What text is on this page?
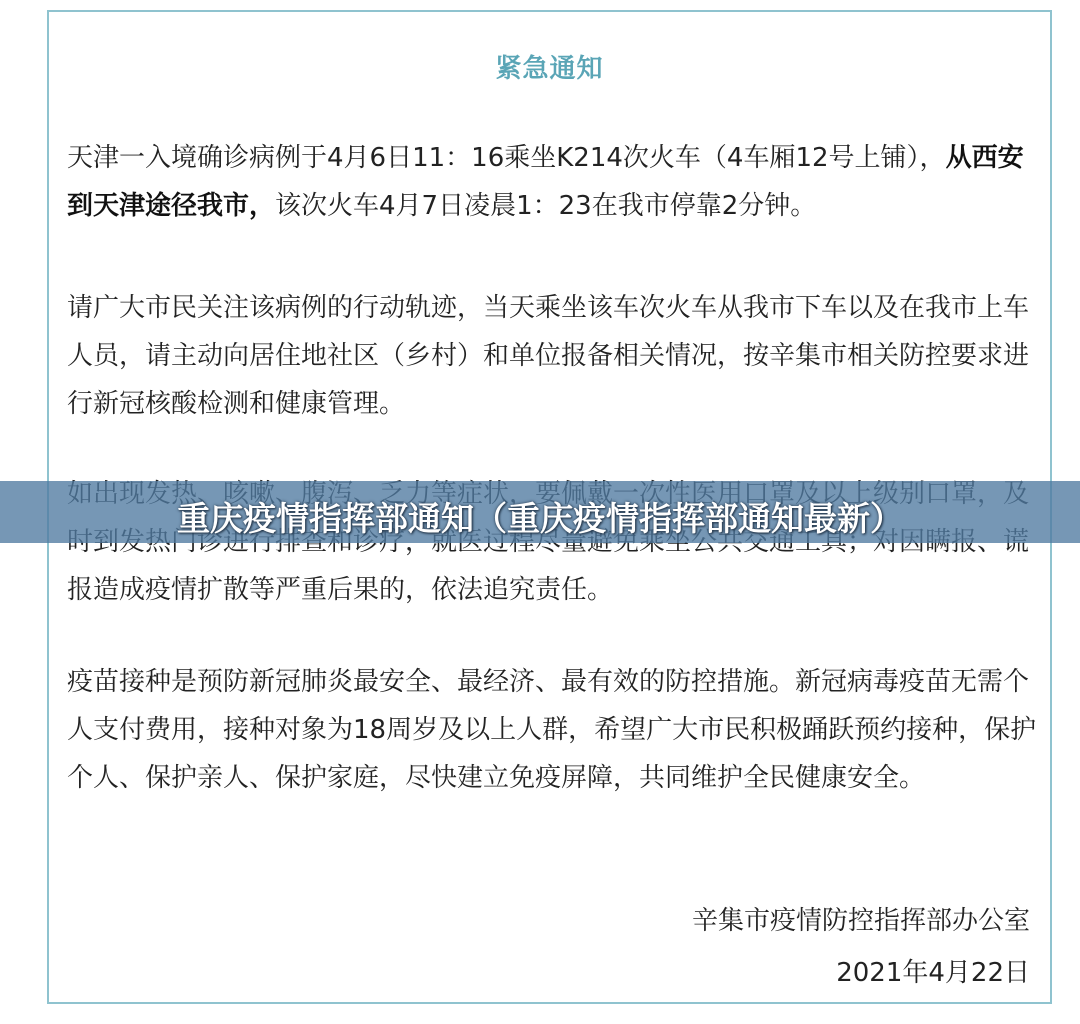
紧急通知

天津一入境确诊病例于4月6日11：16乘坐K214次火车（4车厢12号上铺），从西安到天津途径我市，该次火车4月7日凌晨1：23在我市停靠2分钟。

请广大市民关注该病例的行动轨迹，当天乘坐该车次火车从我市下车以及在我市上车人员，请主动向居住地社区（乡村）和单位报备相关情况，按辛集市相关防控要求进行新冠核酸检测和健康管理。

报造成疫情扩散等严重后果的，依法追究责任。

疫苗接种是预防新冠肺炎最安全、最经济、最有效的防控措施。新冠病毒疫苗无需个人支付费用，接种对象为18周岁及以上人群，希望广大市民积极踊跃预约接种，保护个人、保护亲人、保护家庭，尽快建立免疫屏障，共同维护全民健康安全。

辛集市疫情防控指挥部办公室
2021年4月22日
重庆疫情指挥部通知（重庆疫情指挥部通知最新）
